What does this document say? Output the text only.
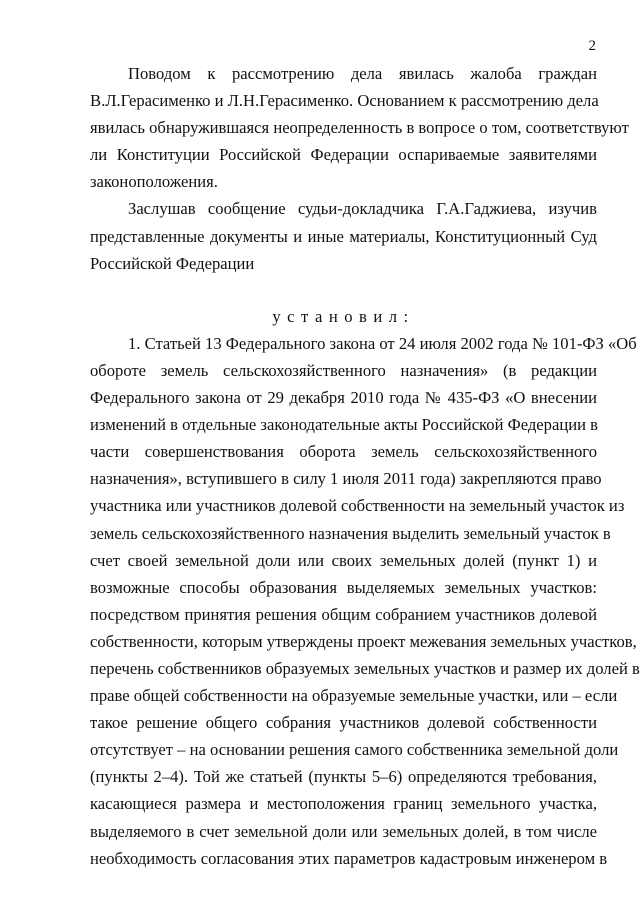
2
Поводом к рассмотрению дела явилась жалоба граждан
В.Л.Герасименко и Л.Н.Герасименко. Основанием к рассмотрению дела
явилась обнаружившаяся неопределенность в вопросе о том, соответствуют
ли Конституции Российской Федерации оспариваемые заявителями
законоположения.
Заслушав сообщение судьи-докладчика Г.А.Гаджиева, изучив
представленные документы и иные материалы, Конституционный Суд
Российской Федерации
установил:
1. Статьей 13 Федерального закона от 24 июля 2002 года № 101-ФЗ «Об
обороте земель сельскохозяйственного назначения» (в редакции
Федерального закона от 29 декабря 2010 года № 435-ФЗ «О внесении
изменений в отдельные законодательные акты Российской Федерации в
части совершенствования оборота земель сельскохозяйственного
назначения», вступившего в силу 1 июля 2011 года) закрепляются право
участника или участников долевой собственности на земельный участок из
земель сельскохозяйственного назначения выделить земельный участок в
счет своей земельной доли или своих земельных долей (пункт 1) и
возможные способы образования выделяемых земельных участков:
посредством принятия решения общим собранием участников долевой
собственности, которым утверждены проект межевания земельных участков,
перечень собственников образуемых земельных участков и размер их долей в
праве общей собственности на образуемые земельные участки, или – если
такое решение общего собрания участников долевой собственности
отсутствует – на основании решения самого собственника земельной доли
(пункты 2–4). Той же статьей (пункты 5–6) определяются требования,
касающиеся размера и местоположения границ земельного участка,
выделяемого в счет земельной доли или земельных долей, в том числе
необходимость согласования этих параметров кадастровым инженером в
